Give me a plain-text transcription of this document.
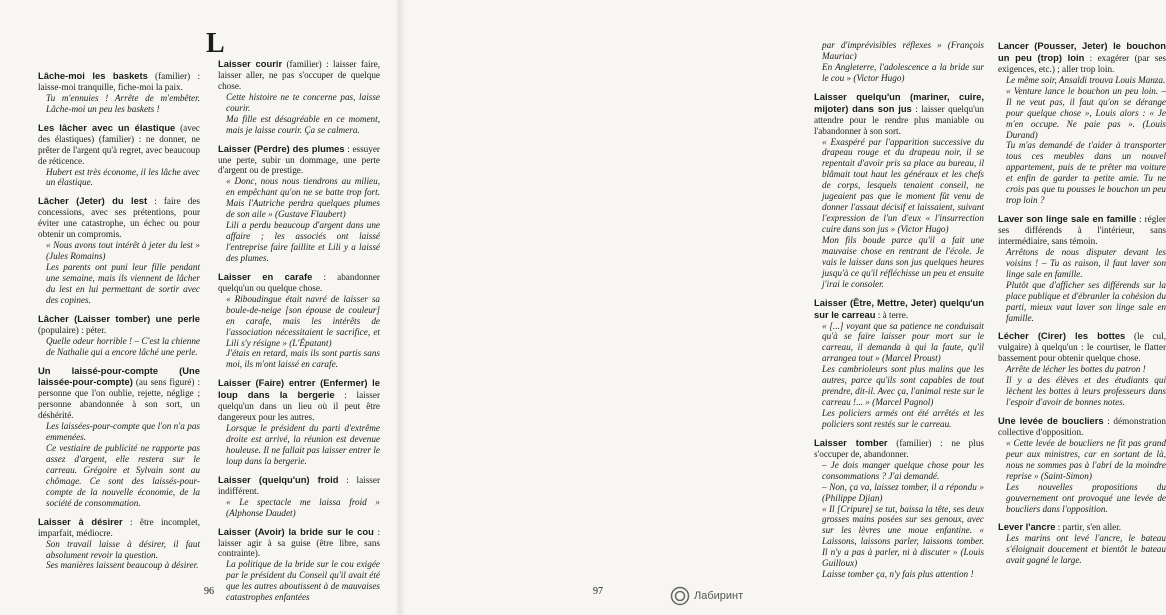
L

Lâche-moi les baskets (familier) : laisse-moi tranquille, fiche-moi la paix.

Tu m'ennuies ! Arrête de m'embêter. Lâche-moi un peu les baskets !

Les lâcher avec un élastique (avec des élastiques) (familier) : ne donner, ne prêter de l'argent qu'à regret, avec beaucoup de réticence.

Hubert est très économe, il les lâche avec un élastique.

Lâcher (Jeter) du lest : faire des concessions, avec ses prétentions, pour éviter une catastrophe, un échec ou pour obtenir un compromis.

« Nous avons tout intérêt à jeter du lest » (Jules Romains)

Les parents ont puni leur fille pendant une semaine, mais ils viennent de lâcher du lest en lui permettant de sortir avec des copines.

Lâcher (Laisser tomber) une perle (populaire) : péter.

Quelle odeur horrible ! – C'est la chienne de Nathalie qui a encore lâché une perle.

Un laissé-pour-compte (Une laissée-pour-compte) (au sens figuré) : personne que l'on oublie, rejette, néglige ; personne abandonnée à son sort, un déshérité.

Les laissées-pour-compte que l'on n'a pas emmenées.

Ce vestiaire de publicité ne rapporte pas assez d'argent, elle restera sur le carreau. Grégoire et Sylvain sont au chômage. Ce sont des laissés-pour-compte de la nouvelle économie, de la société de consommation.

Laisser à désirer : être incomplet, imparfait, médiocre.

Son travail laisse à désirer, il faut absolument revoir la question.

Ses manières laissent beaucoup à désirer.

Laisser courir (familier) : laisser faire, laisser aller, ne pas s'occuper de quelque chose.

Cette histoire ne te concerne pas, laisse courir.

Ma fille est désagréable en ce moment, mais je laisse courir. Ça se calmera.

Laisser (Perdre) des plumes : essuyer une perte, subir un dommage, une perte d'argent ou de prestige.

« Donc, nous nous tiendrons au milieu, en empêchant qu'on ne se batte trop fort. Mais l'Autriche perdra quelques plumes de son aile » (Gustave Flaubert)

Lili a perdu beaucoup d'argent dans une affaire ; les associés ont laissé l'entreprise faire faillite et Lili y a laissé des plumes.

Laisser en carafe : abandonner quelqu'un ou quelque chose.

« Riboudingue était navré de laisser sa boule-de-neige [son épouse de couleur] en carafe, mais les intérêts de l'association nécessitaient le sacrifice, et Lili s'y résigne » (L'Épatant)

J'étais en retard, mais ils sont partis sans moi, ils m'ont laissé en carafe.

Laisser (Faire) entrer (Enfermer) le loup dans la bergerie : laisser quelqu'un dans un lieu où il peut être dangereux pour les autres.

Lorsque le président du parti d'extrême droite est arrivé, la réunion est devenue houleuse. Il ne fallait pas laisser entrer le loup dans la bergerie.

Laisser (quelqu'un) froid : laisser indifférent.

« Le spectacle me laissa froid » (Alphonse Daudet)

Laisser (Avoir) la bride sur le cou : laisser agir à sa guise (être libre, sans contrainte).

La politique de la bride sur le cou exigée par le président du Conseil qu'il avait été que les autres aboutissent à de mauvaises catastrophes enfantées

96

par d'imprévisibles réflexes » (François Mauriac)

En Angleterre, l'adolescence a la bride sur le cou » (Victor Hugo)

Laisser quelqu'un (mariner, cuire, mijoter) dans son jus : laisser quelqu'un attendre pour le rendre plus maniable ou l'abandonner à son sort.

« Exaspéré par l'apparition successive du drapeau rouge et du drapeau noir, il se repentait d'avoir pris sa place au bureau, il blâmait tout haut les généraux et les chefs de corps, lesquels tenaient conseil, ne jugeaient pas que le moment fût venu de donner l'assaut décisif et laissaient, suivant l'expression de l'un d'eux « l'insurrection cuire dans son jus » (Victor Hugo)

Mon fils boude parce qu'il a fait une mauvaise chose en rentrant de l'école. Je vais le laisser dans son jus quelques heures jusqu'à ce qu'il réfléchisse un peu et ensuite j'irai le consoler.

Laisser (Être, Mettre, Jeter) quelqu'un sur le carreau : à terre.

« [...] voyant que sa patience ne conduisait qu'à se faire laisser pour mort sur le carreau, il demanda à qui la faute, qu'il arrangea tout » (Marcel Proust)

Les cambrioleurs sont plus malins que les autres, parce qu'ils sont capables de tout prendre, dit-il. Avec ça, l'animal reste sur le carreau !... » (Marcel Pagnol)

Les policiers armés ont été arrêtés et les policiers sont restés sur le carreau.

Laisser tomber (familier) : ne plus s'occuper de, abandonner.

– Je dois manger quelque chose pour les consommations ? J'ai demandé.

– Non, ça va, laissez tomber, il a répondu » (Philippe Djian)

« Il [Cripure] se tut, baissa la tête, ses deux grosses mains posées sur ses genoux, avec sur les lèvres une moue enfantine. « Laissons, laissons parler, laissons tomber. Il n'y a pas à parler, ni à discuter » (Louis Guilloux)

Laisse tomber ça, n'y fais plus attention !

Lancer (Pousser, Jeter) le bouchon un peu (trop) loin : exagérer (par ses exigences, etc.) ; aller trop loin.

Le même soir, Ansaldi trouva Louis Manza.

« Venture lance le bouchon un peu loin. – Il ne veut pas, il faut qu'on se dérange pour quelque chose », Louis alors : « Je m'en occupe. Ne paie pas ». (Louis Durand)

Tu m'as demandé de t'aider à transporter tous ces meubles dans un nouvel appartement, puis de te prêter ma voiture et enfin de garder ta petite amie. Tu ne crois pas que tu pousses le bouchon un peu trop loin ?

Laver son linge sale en famille : régler ses différends à l'intérieur, sans intermédiaire, sans témoin.

Arrêtons de nous disputer devant les voisins ! – Tu as raison, il faut laver son linge sale en famille.

Plutôt que d'afficher ses différends sur la place publique et d'ébranler la cohésion du parti, mieux vaut laver son linge sale en famille.

Lécher (Cirer) les bottes (le cul, vulgaire) à quelqu'un : le courtiser, le flatter bassement pour obtenir quelque chose.

Arrête de lécher les bottes du patron !

Il y a des élèves et des étudiants qui lèchent les bottes à leurs professeurs dans l'espoir d'avoir de bonnes notes.

Une levée de boucliers : démonstration collective d'opposition.

« Cette levée de boucliers ne fit pas grand peur aux ministres, car en sortant de là, nous ne sommes pas à l'abri de la moindre reprise » (Saint-Simon)

Les nouvelles propositions du gouvernement ont provoqué une levée de boucliers dans l'opposition.

Lever l'ancre : partir, s'en aller.

Les marins ont levé l'ancre, le bateau s'éloignait doucement et bientôt le bateau avait gagné le large.

97	Лабиринт
